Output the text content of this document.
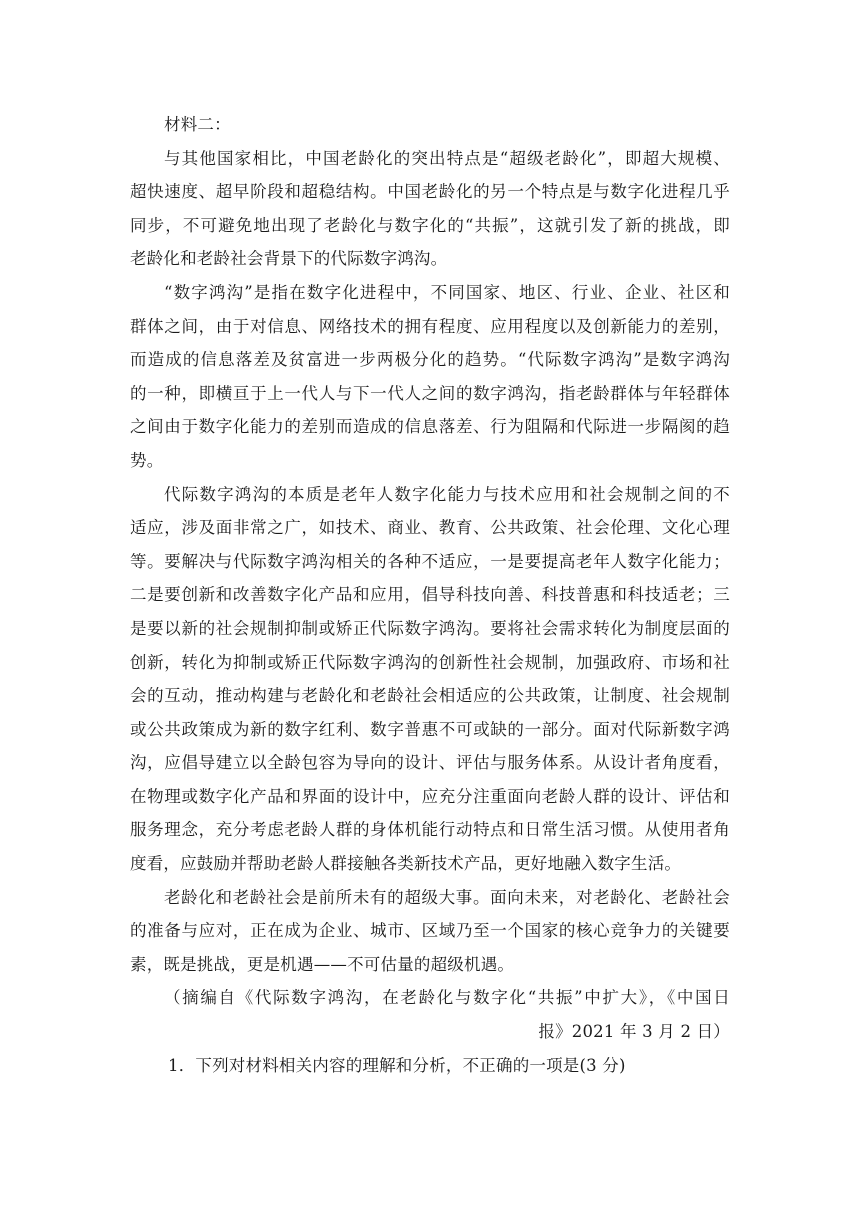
材料二：
与其他国家相比，中国老龄化的突出特点是“超级老龄化”，即超大规模、
超快速度、超早阶段和超稳结构。中国老龄化的另一个特点是与数字化进程几乎
同步，不可避免地出现了老龄化与数字化的“共振”，这就引发了新的挑战，即
老龄化和老龄社会背景下的代际数字鸿沟。
“数字鸿沟”是指在数字化进程中，不同国家、地区、行业、企业、社区和
群体之间，由于对信息、网络技术的拥有程度、应用程度以及创新能力的差别，
而造成的信息落差及贫富进一步两极分化的趋势。“代际数字鸿沟”是数字鸿沟
的一种，即横亘于上一代人与下一代人之间的数字鸿沟，指老龄群体与年轻群体
之间由于数字化能力的差别而造成的信息落差、行为阻隔和代际进一步隔阂的趋
势。
代际数字鸿沟的本质是老年人数字化能力与技术应用和社会规制之间的不
适应，涉及面非常之广，如技术、商业、教育、公共政策、社会伦理、文化心理
等。要解决与代际数字鸿沟相关的各种不适应，一是要提高老年人数字化能力；
二是要创新和改善数字化产品和应用，倡导科技向善、科技普惠和科技适老；三
是要以新的社会规制抑制或矫正代际数字鸿沟。要将社会需求转化为制度层面的
创新，转化为抑制或矫正代际数字鸿沟的创新性社会规制，加强政府、市场和社
会的互动，推动构建与老龄化和老龄社会相适应的公共政策，让制度、社会规制
或公共政策成为新的数字红利、数字普惠不可或缺的一部分。面对代际新数字鸿
沟，应倡导建立以全龄包容为导向的设计、评估与服务体系。从设计者角度看，
在物理或数字化产品和界面的设计中，应充分注重面向老龄人群的设计、评估和
服务理念，充分考虑老龄人群的身体机能行动特点和日常生活习惯。从使用者角
度看，应鼓励并帮助老龄人群接触各类新技术产品，更好地融入数字生活。
老龄化和老龄社会是前所未有的超级大事。面向未来，对老龄化、老龄社会
的准备与应对，正在成为企业、城市、区域乃至一个国家的核心竞争力的关键要
素，既是挑战，更是机遇——不可估量的超级机遇。
（摘编自《代际数字鸿沟，在老龄化与数字化“共振”中扩大》，《中国日
报》2021 年 3 月 2 日）
1．下列对材料相关内容的理解和分析，不正确的一项是(3 分)
